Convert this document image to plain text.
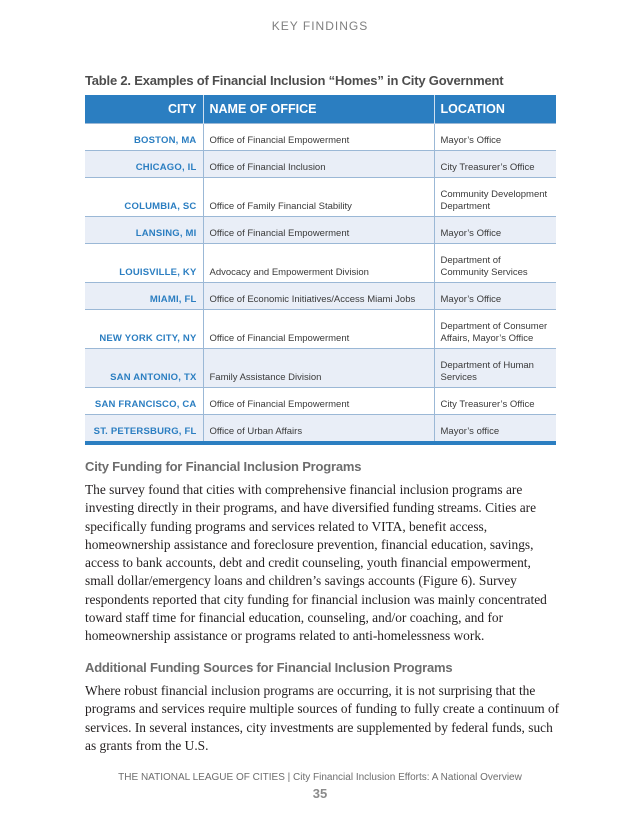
KEY FINDINGS
Table 2. Examples of Financial Inclusion “Homes” in City Government
CITY	NAME OF OFFICE	LOCATION
BOSTON, MA	Office of Financial Empowerment	Mayor’s Office
CHICAGO, IL	Office of Financial Inclusion	City Treasurer’s Office
COLUMBIA, SC	Office of Family Financial Stability	Community Development Department
LANSING, MI	Office of Financial Empowerment	Mayor’s Office
LOUISVILLE, KY	Advocacy and Empowerment Division	Department of Community Services
MIAMI, FL	Office of Economic Initiatives/Access Miami Jobs	Mayor’s Office
NEW YORK CITY, NY	Office of Financial Empowerment	Department of Consumer Affairs, Mayor’s Office
SAN ANTONIO, TX	Family Assistance Division	Department of Human Services
SAN FRANCISCO, CA	Office of Financial Empowerment	City Treasurer’s Office
ST. PETERSBURG, FL	Office of Urban Affairs	Mayor’s office
City Funding for Financial Inclusion Programs

The survey found that cities with comprehensive financial inclusion programs are investing directly in their programs, and have diversified funding streams. Cities are specifically funding programs and services related to VITA, benefit access, homeownership assistance and foreclosure prevention, financial education, savings, access to bank accounts, debt and credit counseling, youth financial empowerment, small dollar/emergency loans and children’s savings accounts (Figure 6). Survey respondents reported that city funding for financial inclusion was mainly concentrated toward staff time for financial education, counseling, and/or coaching, and for homeownership assistance or programs related to anti-homelessness work.

Additional Funding Sources for Financial Inclusion Programs

Where robust financial inclusion programs are occurring, it is not surprising that the programs and services require multiple sources of funding to fully create a continuum of services. In several instances, city investments are supplemented by federal funds, such as grants from the U.S.

THE NATIONAL LEAGUE OF CITIES | City Financial Inclusion Efforts: A National Overview
35
